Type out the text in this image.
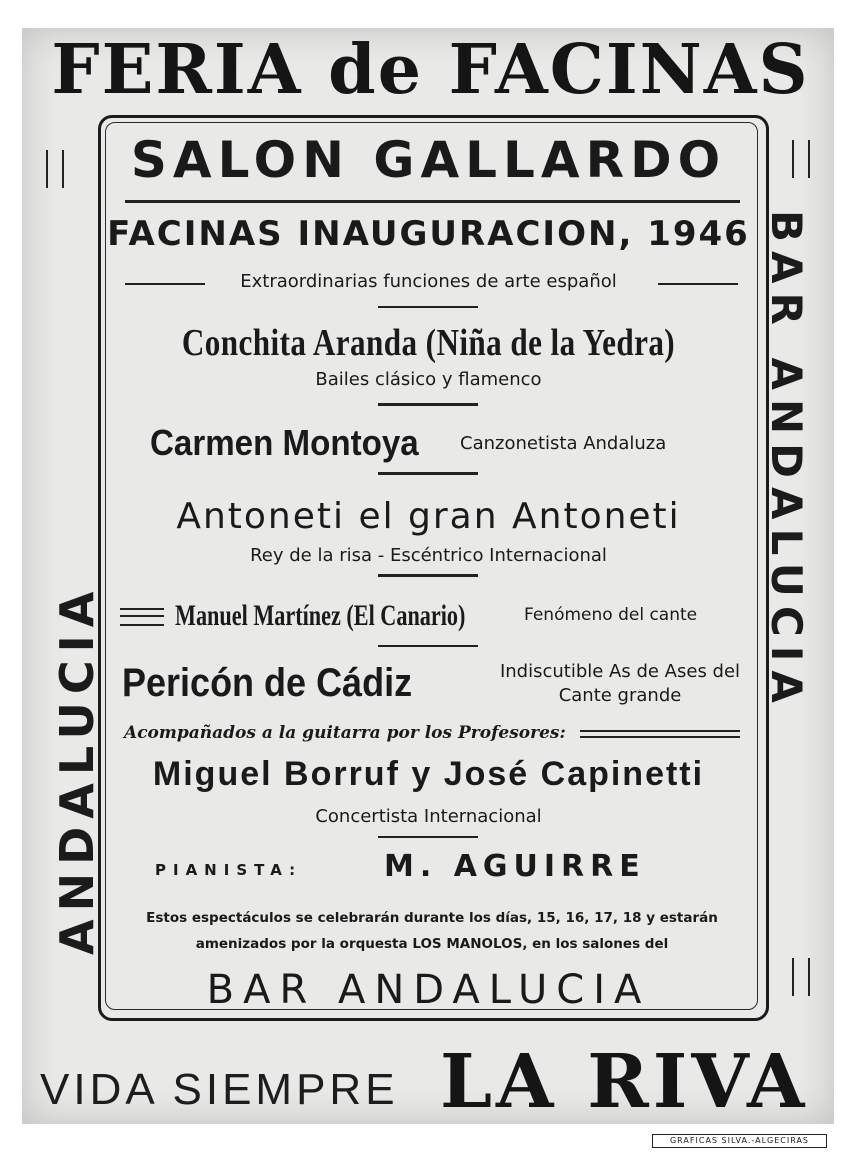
FERIA de FACINAS
ANDALUCIA
BAR ANDALUCIA
SALON GALLARDO
FACINAS INAUGURACION, 1946
Extraordinarias funciones de arte español
Conchita Aranda (Niña de la Yedra)
Bailes clásico y flamenco
Carmen Montoya Canzonetista Andaluza
Antoneti el gran Antoneti
Rey de la risa - Escéntrico Internacional
Manuel Martínez (El Canario)	Fenómeno del cante
Pericón de Cádiz	Indiscutible As de Ases del Cante grande
Acompañados a la guitarra por los Profesores:
Miguel Borruf y José Capinetti
Concertista Internacional
PIANISTA:	M. AGUIRRE
Estos espectáculos se celebrarán durante los días, 15, 16, 17, 18 y estarán amenizados por la orquesta LOS MANOLOS, en los salones del
BAR ANDALUCIA
VIDA SIEMPRE LA RIVA
GRAFICAS SILVA.-ALGECIRAS
